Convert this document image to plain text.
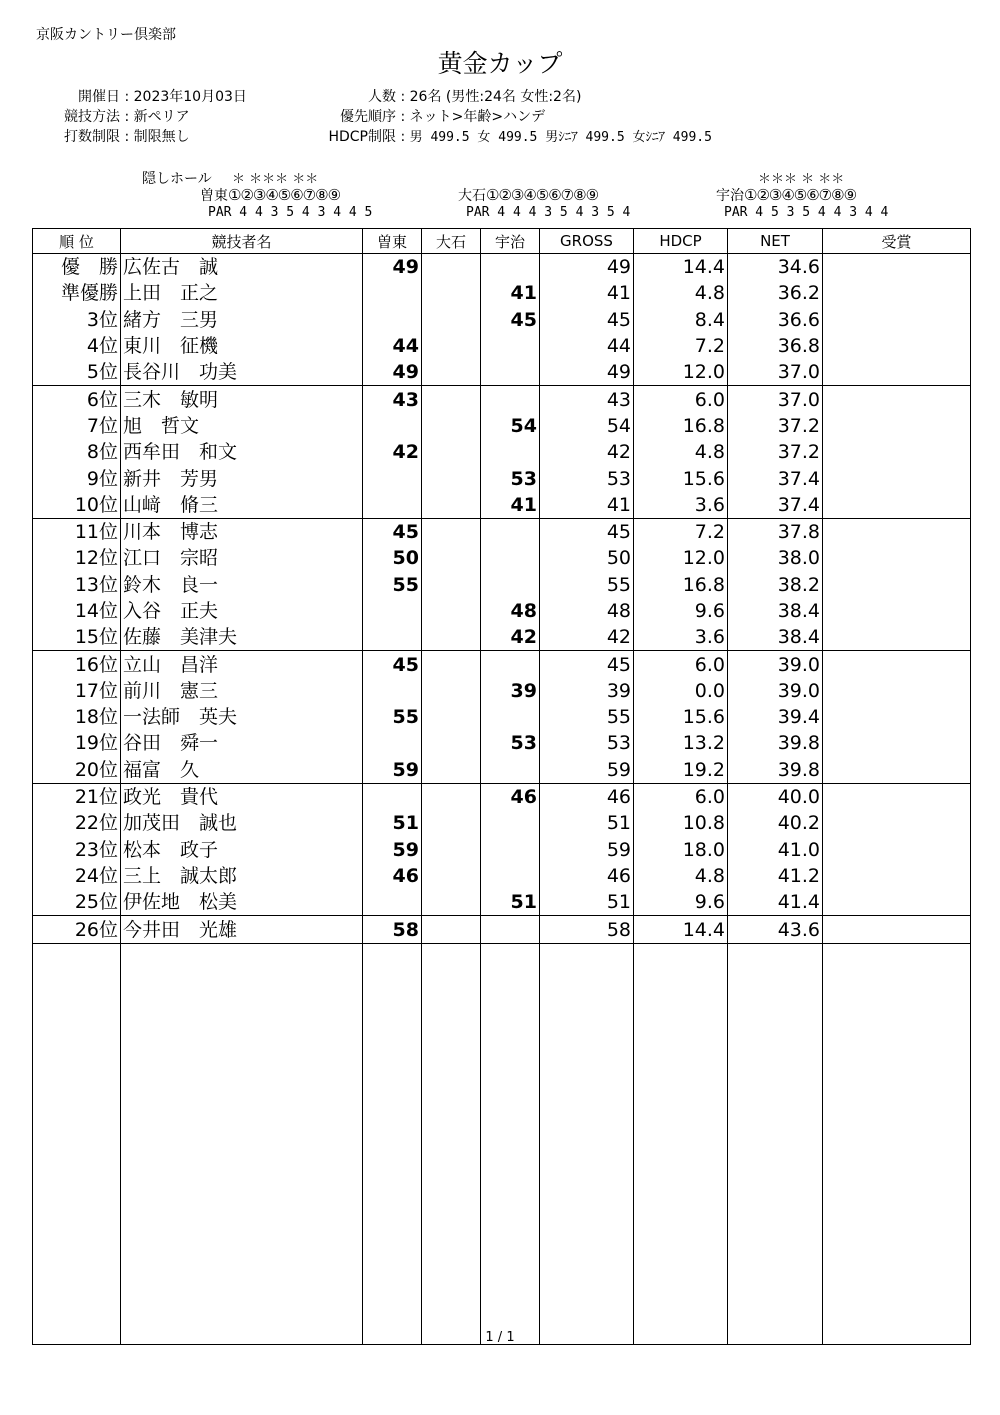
京阪カントリー倶楽部
黄金カップ
開催日 : 2023年10月03日
競技方法 : 新ペリア
打数制限 : 制限無し
人数 : 26名 (男性:24名 女性:2名)
優先順序 : ネット>年齢>ハンデ
HDCP制限 : 男 499.5 女 499.5 男ｼﾆｱ 499.5 女ｼﾆｱ 499.5
隠しホール ＊ ＊＊＊ ＊＊
曽東①②③④⑤⑥⑦⑧⑨
PAR 4 4 3 5 4 3 4 4 5
大石①②③④⑤⑥⑦⑧⑨
PAR 4 4 4 3 5 4 3 5 4
＊＊＊ ＊ ＊＊
宇治①②③④⑤⑥⑦⑧⑨
PAR 4 5 3 5 4 4 3 4 4
順 位	競技者名	曽東	大石	宇治	GROSS	HDCP	NET	受賞
優　勝	広佐古　誠	49			49	14.4	34.6	
準優勝	上田　正之			41	41	4.8	36.2	
3位	緒方　三男			45	45	8.4	36.6	
4位	東川　征機	44			44	7.2	36.8	
5位	長谷川　功美	49			49	12.0	37.0	
6位	三木　敏明	43			43	6.0	37.0	
7位	旭　哲文			54	54	16.8	37.2	
8位	西牟田　和文	42			42	4.8	37.2	
9位	新井　芳男			53	53	15.6	37.4	
10位	山﨑　脩三			41	41	3.6	37.4	
11位	川本　博志	45			45	7.2	37.8	
12位	江口　宗昭	50			50	12.0	38.0	
13位	鈴木　良一	55			55	16.8	38.2	
14位	入谷　正夫			48	48	9.6	38.4	
15位	佐藤　美津夫			42	42	3.6	38.4	
16位	立山　昌洋	45			45	6.0	39.0	
17位	前川　憲三			39	39	0.0	39.0	
18位	一法師　英夫	55			55	15.6	39.4	
19位	谷田　舜一			53	53	13.2	39.8	
20位	福富　久	59			59	19.2	39.8	
21位	政光　貴代			46	46	6.0	40.0	
22位	加茂田　誠也	51			51	10.8	40.2	
23位	松本　政子	59			59	18.0	41.0	
24位	三上　誠太郎	46			46	4.8	41.2	
25位	伊佐地　松美			51	51	9.6	41.4	
26位	今井田　光雄	58			58	14.4	43.6	

1 / 1
